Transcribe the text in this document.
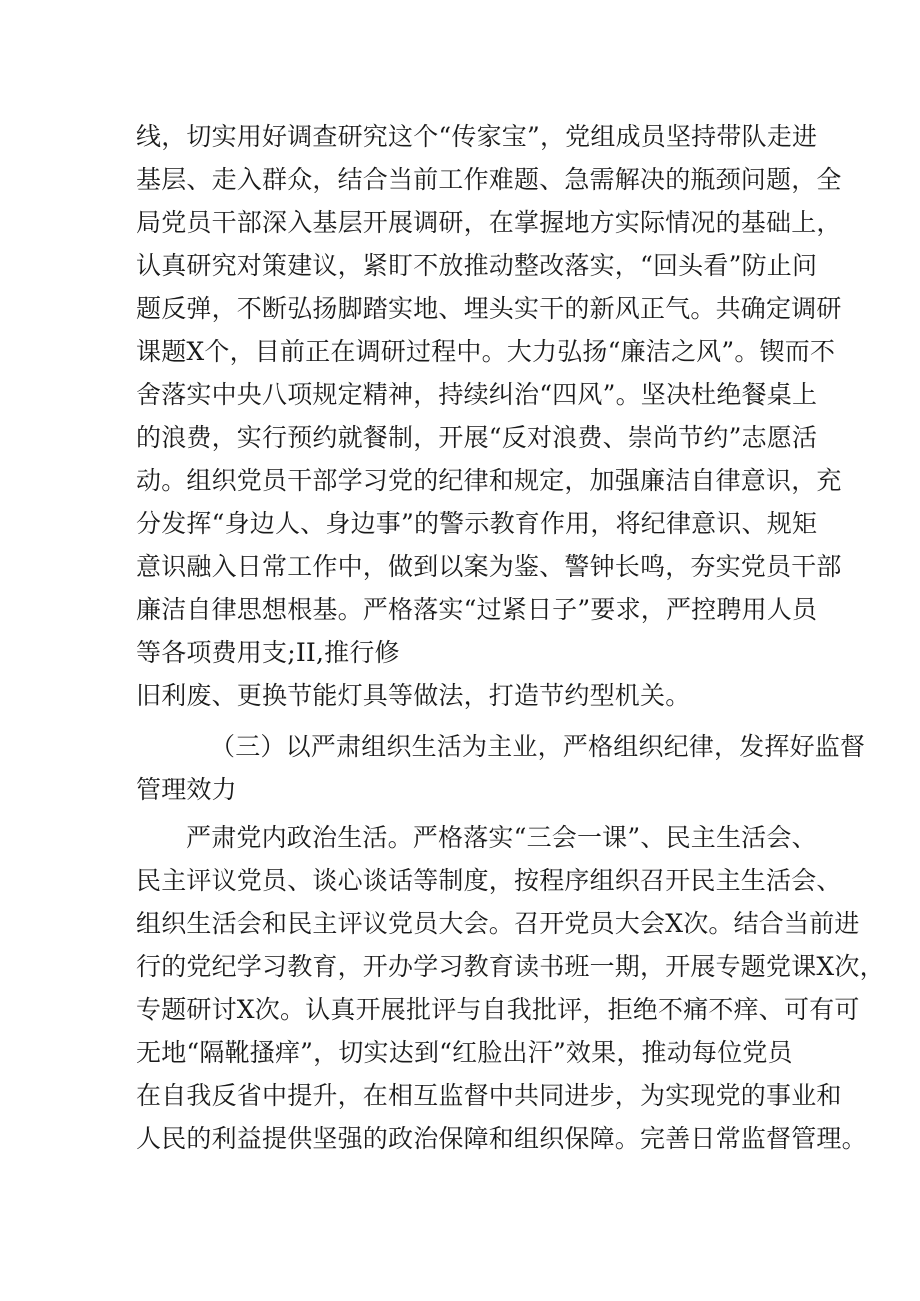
线，切实用好调查研究这个“传家宝”，党组成员坚持带队走进
基层、走入群众，结合当前工作难题、急需解决的瓶颈问题，全
局党员干部深入基层开展调研，在掌握地方实际情况的基础上，
认真研究对策建议，紧盯不放推动整改落实，“回头看”防止问
题反弹，不断弘扬脚踏实地、埋头实干的新风正气。共确定调研
课题X个，目前正在调研过程中。大力弘扬“廉洁之风”。锲而不
舍落实中央八项规定精神，持续纠治“四风”。坚决杜绝餐桌上
的浪费，实行预约就餐制，开展“反对浪费、崇尚节约”志愿活
动。组织党员干部学习党的纪律和规定，加强廉洁自律意识，充
分发挥“身边人、身边事”的警示教育作用，将纪律意识、规矩
意识融入日常工作中，做到以案为鉴、警钟长鸣，夯实党员干部
廉洁自律思想根基。严格落实“过紧日子”要求，严控聘用人员
等各项费用支;II,推行修
旧利废、更换节能灯具等做法，打造节约型机关。
（三）以严肃组织生活为主业，严格组织纪律，发挥好监督
管理效力
严肃党内政治生活。严格落实“三会一课”、民主生活会、
民主评议党员、谈心谈话等制度，按程序组织召开民主生活会、
组织生活会和民主评议党员大会。召开党员大会X次。结合当前进
行的党纪学习教育，开办学习教育读书班一期，开展专题党课X次，
专题研讨X次。认真开展批评与自我批评，拒绝不痛不痒、可有可
无地“隔靴搔痒”，切实达到“红脸出汗”效果，推动每位党员
在自我反省中提升，在相互监督中共同进步，为实现党的事业和
人民的利益提供坚强的政治保障和组织保障。完善日常监督管理。
